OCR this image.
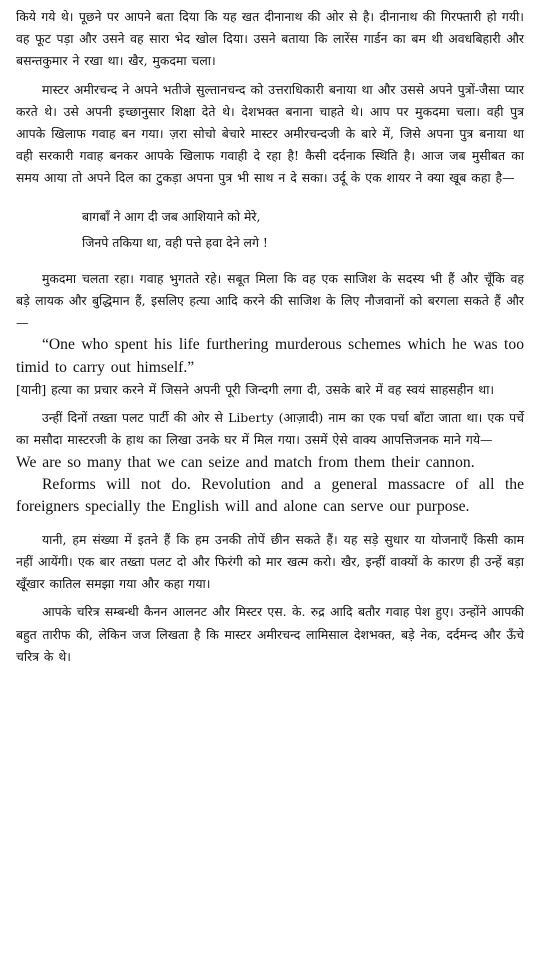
किये गये थे। पूछने पर आपने बता दिया कि यह खत दीनानाथ की ओर से है। दीनानाथ की गिरफ्तारी हो गयी। वह फूट पड़ा और उसने वह सारा भेद खोल दिया। उसने बताया कि लारेंस गार्डन का बम थी अवधबिहारी और बसन्तकुमार ने रखा था। खैर, मुकदमा चला।

मास्टर अमीरचन्द ने अपने भतीजे सुल्तानचन्द को उत्तराधिकारी बनाया था और उससे अपने पुत्रों-जैसा प्यार करते थे। उसे अपनी इच्छानुसार शिक्षा देते थे। देशभक्त बनाना चाहते थे। आप पर मुकदमा चला। वही पुत्र आपके खिलाफ गवाह बन गया। ज़रा सोचो बेचारे मास्टर अमीरचन्दजी के बारे में, जिसे अपना पुत्र बनाया था वही सरकारी गवाह बनकर आपके खिलाफ गवाही दे रहा है! कैसी दर्दनाक स्थिति है। आज जब मुसीबत का समय आया तो अपने दिल का टुकड़ा अपना पुत्र भी साथ न दे सका। उर्दू के एक शायर ने क्या खूब कहा है—

बागबाँ ने आग दी जब आशियाने को मेरे,
जिनपे तकिया था, वही पत्ते हवा देने लगे !

मुकदमा चलता रहा। गवाह भुगतते रहे। सबूत मिला कि वह एक साजिश के सदस्य भी हैं और चूँकि वह बड़े लायक और बुद्धिमान हैं, इसलिए हत्या आदि करने की साजिश के लिए नौजवानों को बरगला सकते हैं और—

“One who spent his life furthering murderous schemes which he was too timid to carry out himself.”

[यानी] हत्या का प्रचार करने में जिसने अपनी पूरी जिन्दगी लगा दी, उसके बारे में वह स्वयं साहसहीन था।

उन्हीं दिनों तख्ता पलट पार्टी की ओर से Liberty (आज़ादी) नाम का एक पर्चा बाँटा जाता था। एक पर्चे का मसौदा मास्टरजी के हाथ का लिखा उनके घर में मिल गया। उसमें ऐसे वाक्य आपत्तिजनक माने गये—

We are so many that we can seize and match from them their cannon.

Reforms will not do. Revolution and a general massacre of all the foreigners specially the English will and alone can serve our purpose.

यानी, हम संख्या में इतने हैं कि हम उनकी तोपें छीन सकते हैं। यह सड़े सुधार या योजनाएँ किसी काम नहीं आयेंगी। एक बार तख्ता पलट दो और फिरंगी को मार खत्म करो। खैर, इन्हीं वाक्यों के कारण ही उन्हें बड़ा खूँखार कातिल समझा गया और कहा गया।

आपके चरित्र सम्बन्धी कैनन आलनट और मिस्टर एस. के. रुद्र आदि बतौर गवाह पेश हुए। उन्होंने आपकी बहुत तारीफ की, लेकिन जज लिखता है कि मास्टर अमीरचन्द लामिसाल देशभक्त, बड़े नेक, दर्दमन्द और ऊँचे चरित्र के थे।
